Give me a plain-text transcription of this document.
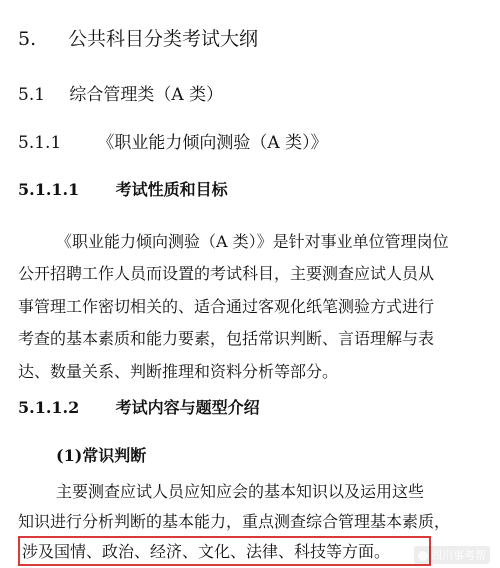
5. 公共科目分类考试大纲
5.1 综合管理类（A 类）
5.1.1 《职业能力倾向测验（A 类）》
5.1.1.1 考试性质和目标
《职业能力倾向测验（A 类）》是针对事业单位管理岗位
公开招聘工作人员而设置的考试科目，主要测查应试人员从
事管理工作密切相关的、适合通过客观化纸笔测验方式进行
考查的基本素质和能力要素，包括常识判断、言语理解与表
达、数量关系、判断推理和资料分析等部分。
5.1.1.2 考试内容与题型介绍
(1)常识判断
主要测查应试人员应知应会的基本知识以及运用这些
知识进行分析判断的基本能力，重点测查综合管理基本素质，
涉及国情、政治、经济、文化、法律、科技等方面。	四川事考帮
